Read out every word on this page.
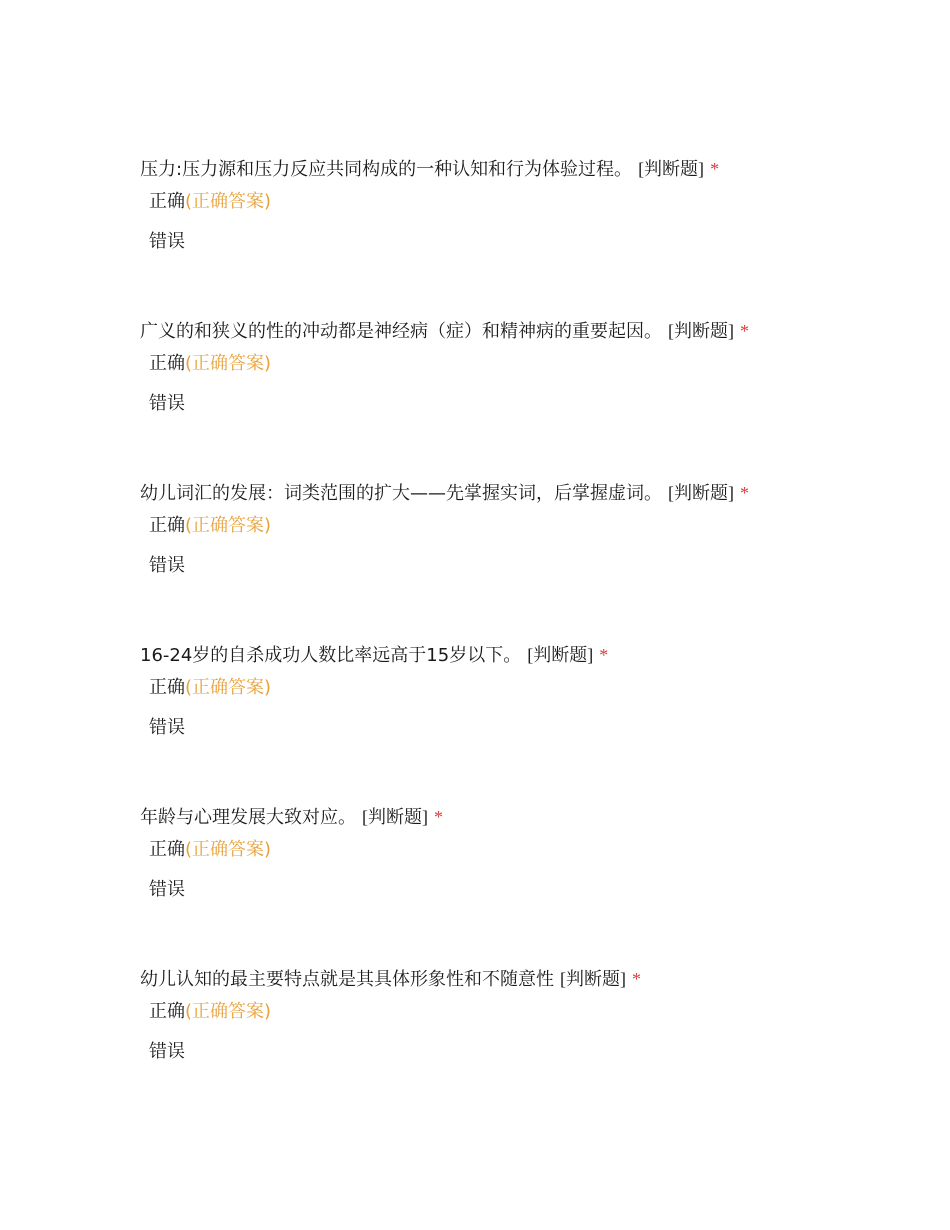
压力:压力源和压力反应共同构成的一种认知和行为体验过程。 [判断题] *
正确(正确答案)
错误
广义的和狭义的性的冲动都是神经病（症）和精神病的重要起因。 [判断题] *
正确(正确答案)
错误
幼儿词汇的发展：词类范围的扩大——先掌握实词，后掌握虚词。 [判断题] *
正确(正确答案)
错误
16-24岁的自杀成功人数比率远高于15岁以下。 [判断题] *
正确(正确答案)
错误
年龄与心理发展大致对应。 [判断题] *
正确(正确答案)
错误
幼儿认知的最主要特点就是其具体形象性和不随意性 [判断题] *
正确(正确答案)
错误
